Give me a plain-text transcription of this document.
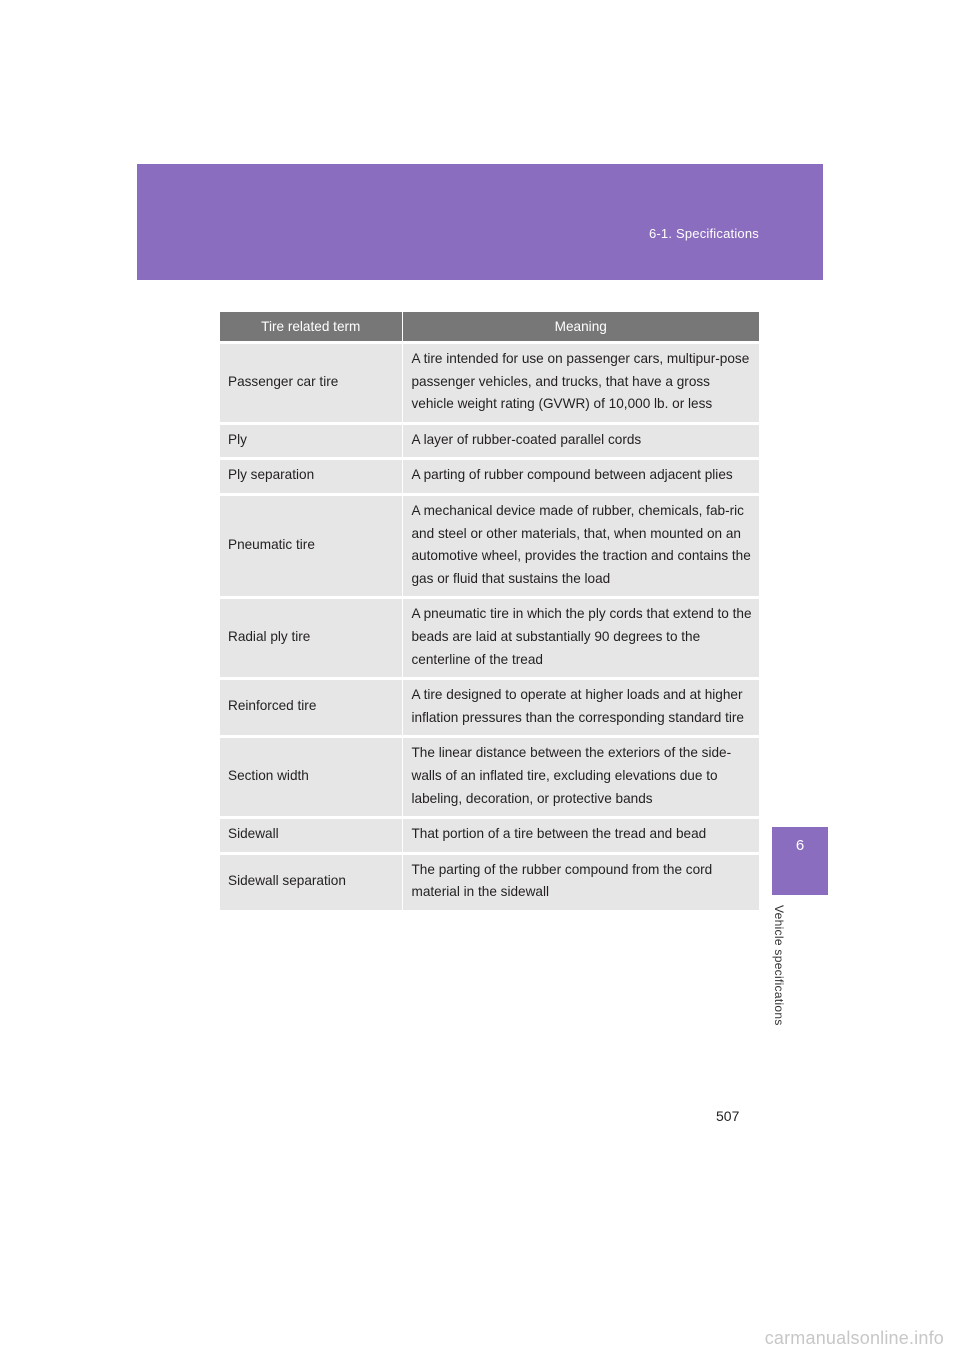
6-1. Specifications
6
Vehicle specifications
Tire related term	Meaning
Passenger car tire	A tire intended for use on passenger cars, multipur-pose passenger vehicles, and trucks, that have a gross vehicle weight rating (GVWR) of 10,000 lb. or less
Ply	A layer of rubber-coated parallel cords
Ply separation	A parting of rubber compound between adjacent plies
Pneumatic tire	A mechanical device made of rubber, chemicals, fab-ric and steel or other materials, that, when mounted on an automotive wheel, provides the traction and contains the gas or fluid that sustains the load
Radial ply tire	A pneumatic tire in which the ply cords that extend to the beads are laid at substantially 90 degrees to the centerline of the tread
Reinforced tire	A tire designed to operate at higher loads and at higher inflation pressures than the corresponding standard tire
Section width	The linear distance between the exteriors of the side-walls of an inflated tire, excluding elevations due to labeling, decoration, or protective bands
Sidewall	That portion of a tire between the tread and bead
Sidewall separation	The parting of the rubber compound from the cord material in the sidewall
507
carmanualsonline.info
